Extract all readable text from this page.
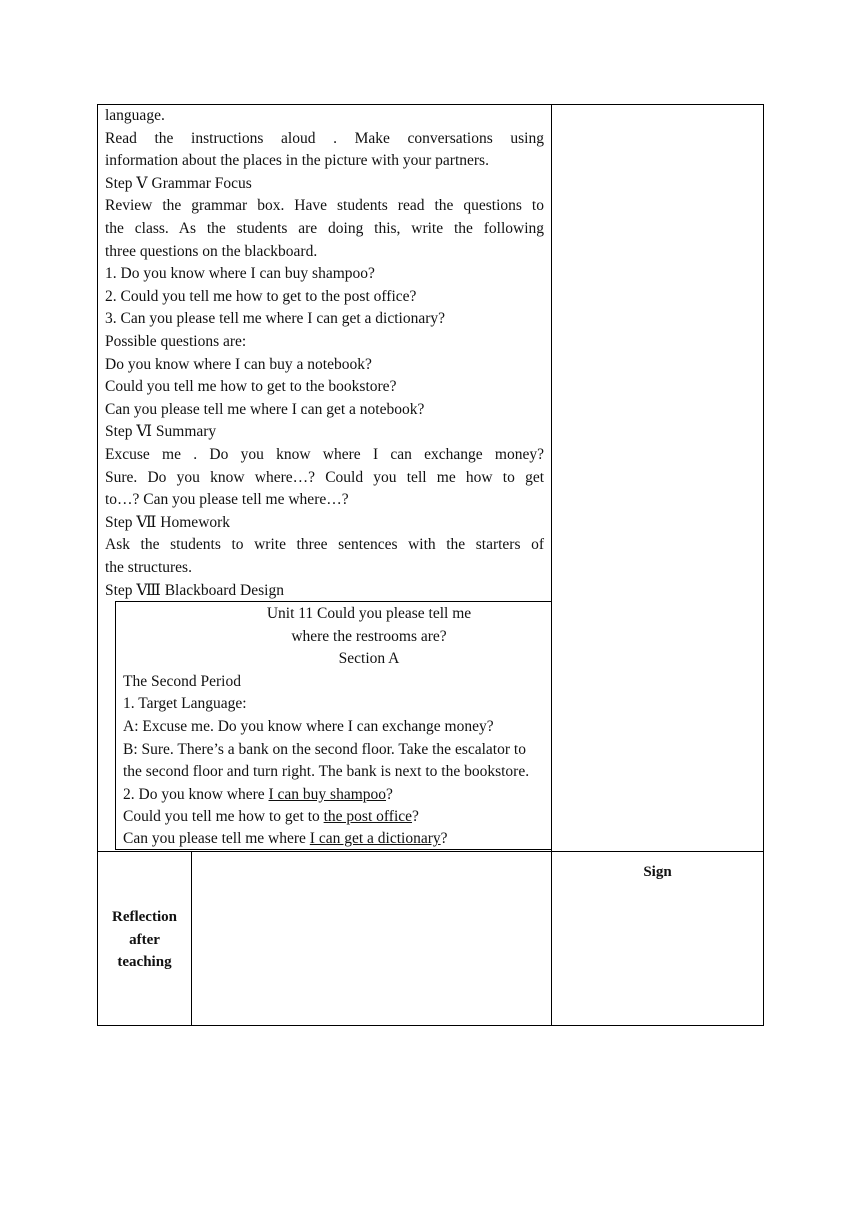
language.
Read the instructions aloud . Make conversations using
information about the places in the picture with your partners.
Step Ⅴ Grammar Focus
Review the grammar box. Have students read the questions to
the class. As the students are doing this, write the following
three questions on the blackboard.
1. Do you know where I can buy shampoo?
2. Could you tell me how to get to the post office?
3. Can you please tell me where I can get a dictionary?
Possible questions are:
Do you know where I can buy a notebook?
Could you tell me how to get to the bookstore?
Can you please tell me where I can get a notebook?
Step Ⅵ Summary
Excuse me . Do you know where I can exchange money?
Sure. Do you know where…? Could you tell me how to get
to…? Can you please tell me where…?
Step Ⅶ Homework
Ask the students to write three sentences with the starters of
the structures.
Step Ⅷ Blackboard Design
Unit 11 Could you please tell me
where the restrooms are?
Section A
The Second Period
1. Target Language:
A: Excuse me. Do you know where I can exchange money?
B: Sure. There’s a bank on the second floor. Take the escalator to
the second floor and turn right. The bank is next to the bookstore.
2. Do you know where I can buy shampoo?
Could you tell me how to get to the post office?
Can you please tell me where I can get a dictionary?
Reflection
after
teaching
Sign
